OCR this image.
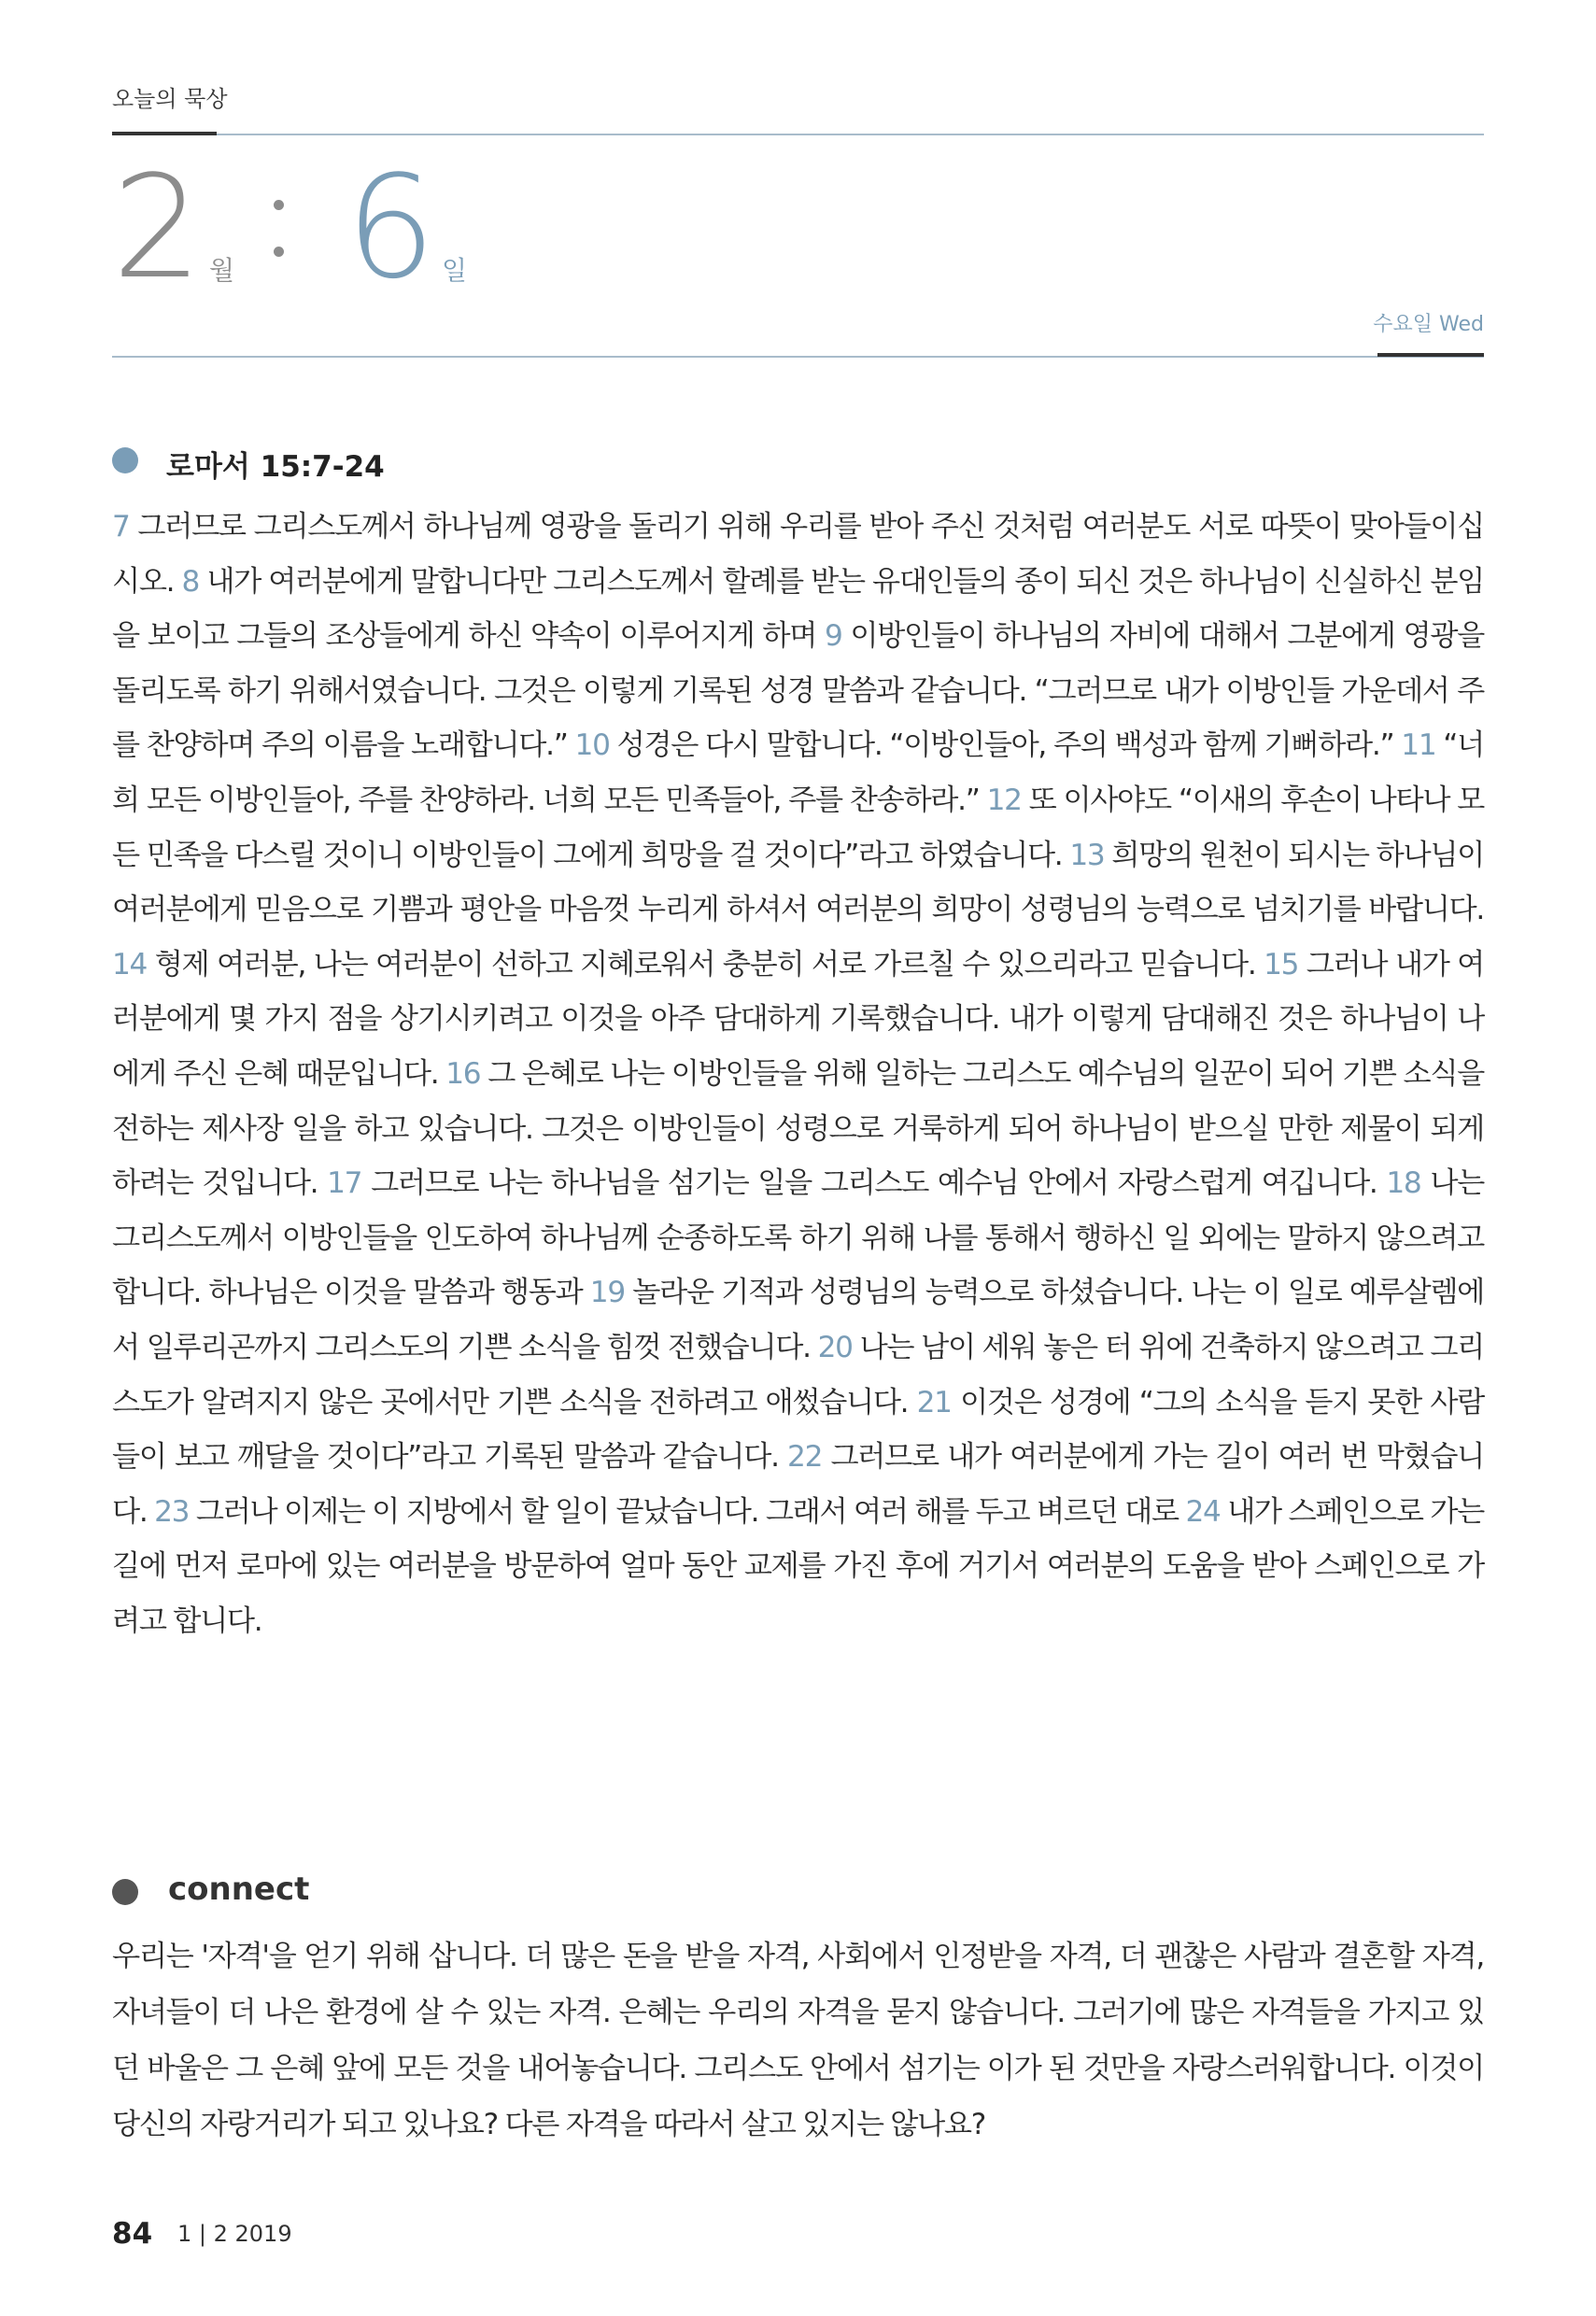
오늘의 묵상
2 월 6 일
수요일 Wed
로마서 15:7-24

7 그러므로 그리스도께서 하나님께 영광을 돌리기 위해 우리를 받아 주신 것처럼 여러분도 서로 따뜻이 맞아들이십시오. 8 내가 여러분에게 말합니다만 그리스도께서 할례를 받는 유대인들의 종이 되신 것은 하나님이 신실하신 분임을 보이고 그들의 조상들에게 하신 약속이 이루어지게 하며 9 이방인들이 하나님의 자비에 대해서 그분에게 영광을 돌리도록 하기 위해서였습니다. 그것은 이렇게 기록된 성경 말씀과 같습니다. “그러므로 내가 이방인들 가운데서 주를 찬양하며 주의 이름을 노래합니다.” 10 성경은 다시 말합니다. “이방인들아, 주의 백성과 함께 기뻐하라.” 11 “너희 모든 이방인들아, 주를 찬양하라. 너희 모든 민족들아, 주를 찬송하라.” 12 또 이사야도 “이새의 후손이 나타나 모든 민족을 다스릴 것이니 이방인들이 그에게 희망을 걸 것이다”라고 하였습니다. 13 희망의 원천이 되시는 하나님이 여러분에게 믿음으로 기쁨과 평안을 마음껏 누리게 하셔서 여러분의 희망이 성령님의 능력으로 넘치기를 바랍니다. 14 형제 여러분, 나는 여러분이 선하고 지혜로워서 충분히 서로 가르칠 수 있으리라고 믿습니다. 15 그러나 내가 여러분에게 몇 가지 점을 상기시키려고 이것을 아주 담대하게 기록했습니다. 내가 이렇게 담대해진 것은 하나님이 나에게 주신 은혜 때문입니다. 16 그 은혜로 나는 이방인들을 위해 일하는 그리스도 예수님의 일꾼이 되어 기쁜 소식을 전하는 제사장 일을 하고 있습니다. 그것은 이방인들이 성령으로 거룩하게 되어 하나님이 받으실 만한 제물이 되게 하려는 것입니다. 17 그러므로 나는 하나님을 섬기는 일을 그리스도 예수님 안에서 자랑스럽게 여깁니다. 18 나는 그리스도께서 이방인들을 인도하여 하나님께 순종하도록 하기 위해 나를 통해서 행하신 일 외에는 말하지 않으려고 합니다. 하나님은 이것을 말씀과 행동과 19 놀라운 기적과 성령님의 능력으로 하셨습니다. 나는 이 일로 예루살렘에서 일루리곤까지 그리스도의 기쁜 소식을 힘껏 전했습니다. 20 나는 남이 세워 놓은 터 위에 건축하지 않으려고 그리스도가 알려지지 않은 곳에서만 기쁜 소식을 전하려고 애썼습니다. 21 이것은 성경에 “그의 소식을 듣지 못한 사람들이 보고 깨달을 것이다”라고 기록된 말씀과 같습니다. 22 그러므로 내가 여러분에게 가는 길이 여러 번 막혔습니다. 23 그러나 이제는 이 지방에서 할 일이 끝났습니다. 그래서 여러 해를 두고 벼르던 대로 24 내가 스페인으로 가는 길에 먼저 로마에 있는 여러분을 방문하여 얼마 동안 교제를 가진 후에 거기서 여러분의 도움을 받아 스페인으로 가려고 합니다.

connect

우리는 '자격'을 얻기 위해 삽니다. 더 많은 돈을 받을 자격, 사회에서 인정받을 자격, 더 괜찮은 사람과 결혼할 자격, 자녀들이 더 나은 환경에 살 수 있는 자격. 은혜는 우리의 자격을 묻지 않습니다. 그러기에 많은 자격들을 가지고 있던 바울은 그 은혜 앞에 모든 것을 내어놓습니다. 그리스도 안에서 섬기는 이가 된 것만을 자랑스러워합니다. 이것이 당신의 자랑거리가 되고 있나요? 다른 자격을 따라서 살고 있지는 않나요?

84 1 | 2 2019
